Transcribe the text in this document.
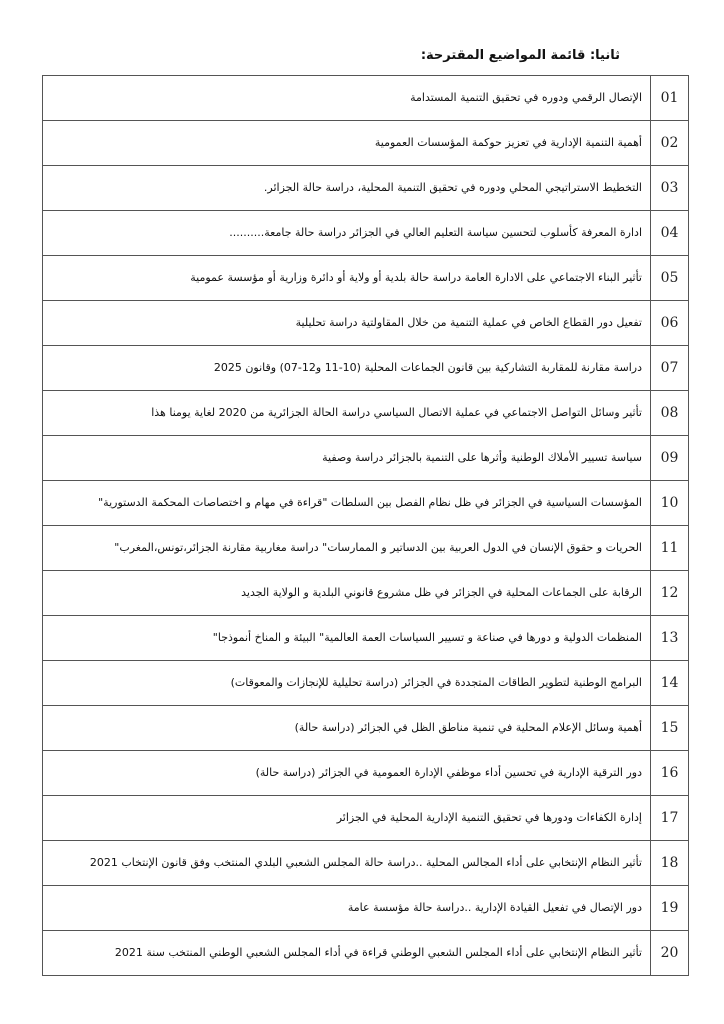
ثانيا: قائمة المواضيع المقترحة:
01	الإتصال الرقمي ودوره في تحقيق التنمية المستدامة
02	أهمية التنمية الإدارية في تعزيز حوكمة المؤسسات العمومية
03	التخطيط الاستراتيجي المحلي ودوره في تحقيق التنمية المحلية، دراسة حالة الجزائر.
04	ادارة المعرفة كأسلوب لتحسين سياسة التعليم العالي في الجزائر دراسة حالة جامعة..........
05	تأثير البناء الاجتماعي على الادارة العامة دراسة حالة بلدية أو ولاية أو دائرة وزارية أو مؤسسة عمومية
06	تفعيل دور القطاع الخاص في عملية التنمية من خلال المقاولتية دراسة تحليلية
07	دراسة مقارنة للمقاربة التشاركية بين قانون الجماعات المحلية (10-11 و12-07) وقانون 2025
08	تأثير وسائل التواصل الاجتماعي في عملية الاتصال السياسي دراسة الحالة الجزائرية من 2020 لغاية يومنا هذا
09	سياسة تسيير الأملاك الوطنية وأثرها على التنمية بالجزائر دراسة وصفية
10	المؤسسات السياسية في الجزائر في ظل نظام الفصل بين السلطات "قراءة في مهام و اختصاصات المحكمة الدستورية"
11	الحريات و حقوق الإنسان في الدول العربية بين الدساتير و الممارسات" دراسة مغاربية مقارنة الجزائر،تونس،المغرب"
12	الرقابة على الجماعات المحلية في الجزائر في ظل مشروع قانوني البلدية و الولاية الجديد
13	المنظمات الدولية و دورها في صناعة و تسيير السياسات العمة العالمية" البيئة و المناخ أنموذجا"
14	البرامج الوطنية لتطوير الطاقات المتجددة في الجزائر (دراسة تحليلية للإنجازات والمعوقات)
15	أهمية وسائل الإعلام المحلية في تنمية مناطق الظل في الجزائر (دراسة حالة)
16	دور الترقية الإدارية في تحسين أداء موظفي الإدارة العمومية في الجزائر (دراسة حالة)
17	إدارة الكفاءات ودورها في تحقيق التنمية الإدارية المحلية في الجزائر
18	تأثير النظام الإنتخابي على أداء المجالس المحلية ..دراسة حالة المجلس الشعبي البلدي المنتخب وفق قانون الإنتخاب 2021
19	دور الإتصال في تفعيل القيادة الإدارية ..دراسة حالة مؤسسة عامة
20	تأثير النظام الإنتخابي على أداء المجلس الشعبي الوطني قراءة في أداء المجلس الشعبي الوطني المنتخب سنة 2021
